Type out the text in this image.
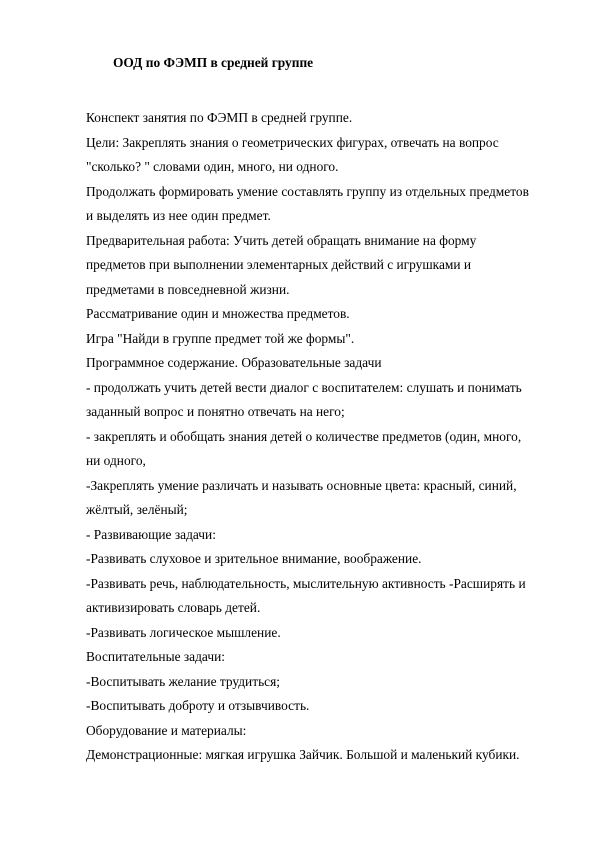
ООД по ФЭМП в средней группе
Конспект занятия по ФЭМП в средней группе.
Цели: Закреплять знания о геометрических фигурах, отвечать на вопрос
"сколько? " словами один, много, ни одного.
Продолжать формировать умение составлять группу из отдельных предметов
и выделять из нее один предмет.
Предварительная работа: Учить детей обращать внимание на форму
предметов при выполнении элементарных действий с игрушками и
предметами в повседневной жизни.
Рассматривание один и множества предметов.
Игра "Найди в группе предмет той же формы".
Программное содержание. Образовательные задачи
- продолжать учить детей вести диалог с воспитателем: слушать и понимать
заданный вопрос и понятно отвечать на него;
- закреплять и обобщать знания детей о количестве предметов (один, много,
ни одного,
-Закреплять умение различать и называть основные цвета: красный, синий,
жёлтый, зелёный;
- Развивающие задачи:
-Развивать слуховое и зрительное внимание, воображение.
-Развивать речь, наблюдательность, мыслительную активность -Расширять и
активизировать словарь детей.
-Развивать логическое мышление.
Воспитательные задачи:
-Воспитывать желание трудиться;
-Воспитывать доброту и отзывчивость.
Оборудование и материалы:
Демонстрационные: мягкая игрушка Зайчик. Большой и маленький кубики.
